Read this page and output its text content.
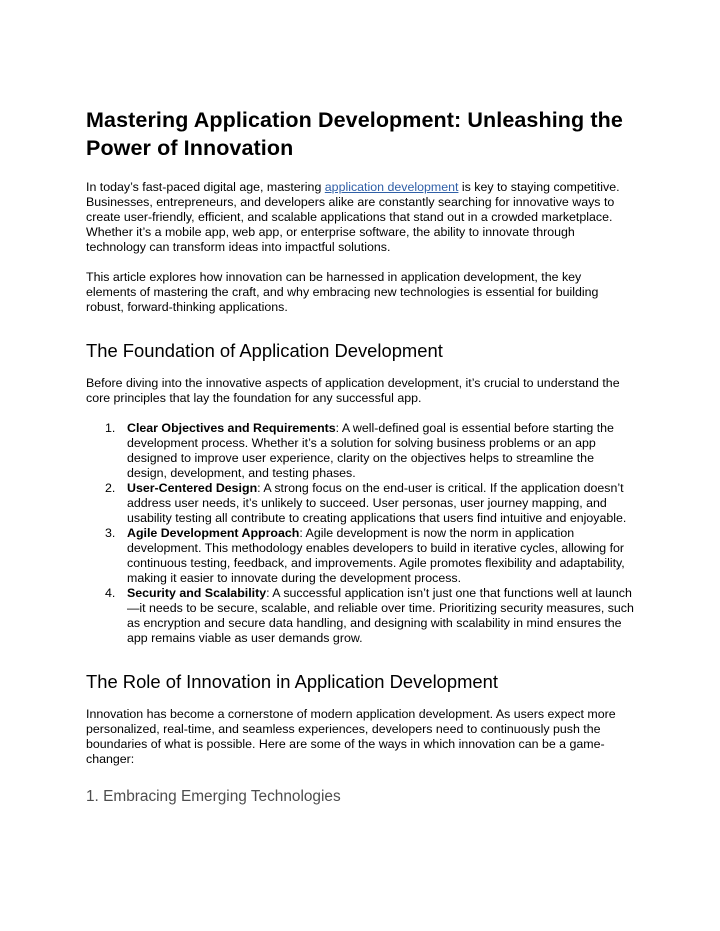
Mastering Application Development: Unleashing the Power of Innovation

In today’s fast-paced digital age, mastering application development is key to staying competitive. Businesses, entrepreneurs, and developers alike are constantly searching for innovative ways to create user-friendly, efficient, and scalable applications that stand out in a crowded marketplace. Whether it’s a mobile app, web app, or enterprise software, the ability to innovate through technology can transform ideas into impactful solutions.

This article explores how innovation can be harnessed in application development, the key elements of mastering the craft, and why embracing new technologies is essential for building robust, forward-thinking applications.

The Foundation of Application Development

Before diving into the innovative aspects of application development, it’s crucial to understand the core principles that lay the foundation for any successful app.

1. Clear Objectives and Requirements: A well-defined goal is essential before starting the development process. Whether it’s a solution for solving business problems or an app designed to improve user experience, clarity on the objectives helps to streamline the design, development, and testing phases.
2. User-Centered Design: A strong focus on the end-user is critical. If the application doesn’t address user needs, it’s unlikely to succeed. User personas, user journey mapping, and usability testing all contribute to creating applications that users find intuitive and enjoyable.
3. Agile Development Approach: Agile development is now the norm in application development. This methodology enables developers to build in iterative cycles, allowing for continuous testing, feedback, and improvements. Agile promotes flexibility and adaptability, making it easier to innovate during the development process.
4. Security and Scalability: A successful application isn’t just one that functions well at launch—it needs to be secure, scalable, and reliable over time. Prioritizing security measures, such as encryption and secure data handling, and designing with scalability in mind ensures the app remains viable as user demands grow.
The Role of Innovation in Application Development

Innovation has become a cornerstone of modern application development. As users expect more personalized, real-time, and seamless experiences, developers need to continuously push the boundaries of what is possible. Here are some of the ways in which innovation can be a game-changer:

1. Embracing Emerging Technologies
